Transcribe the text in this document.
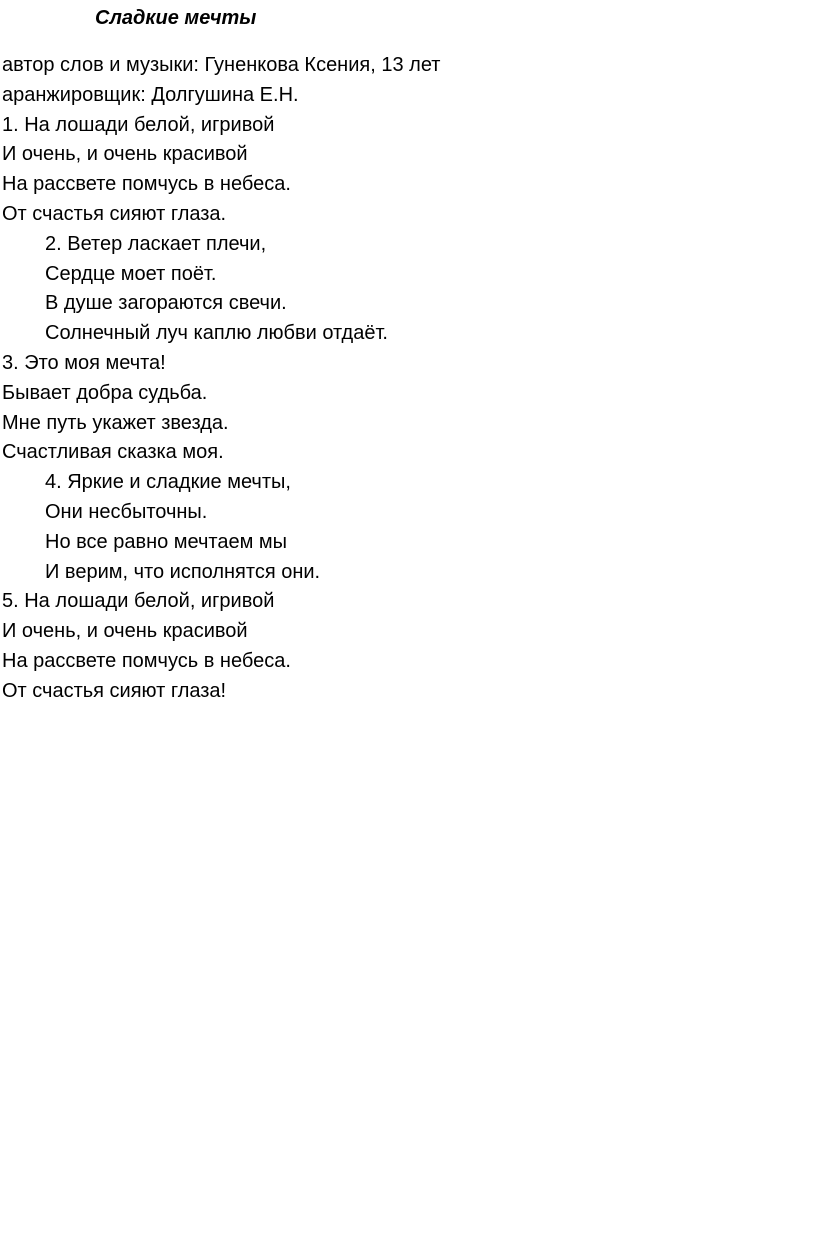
Сладкие мечты
автор слов и музыки: Гуненкова Ксения, 13 лет
аранжировщик: Долгушина Е.Н.
1. На лошади белой, игривой
И очень, и очень красивой
На рассвете помчусь в небеса.
От счастья сияют глаза.
2. Ветер ласкает плечи,
Сердце моет поёт.
В душе загораются свечи.
Солнечный луч каплю любви отдаёт.
3. Это моя мечта!
Бывает добра судьба.
Мне путь укажет звезда.
Счастливая сказка моя.
4. Яркие и сладкие мечты,
Они несбыточны.
Но все равно мечтаем мы
И верим, что исполнятся они.
5. На лошади белой, игривой
И очень, и очень красивой
На рассвете помчусь в небеса.
От счастья сияют глаза!
